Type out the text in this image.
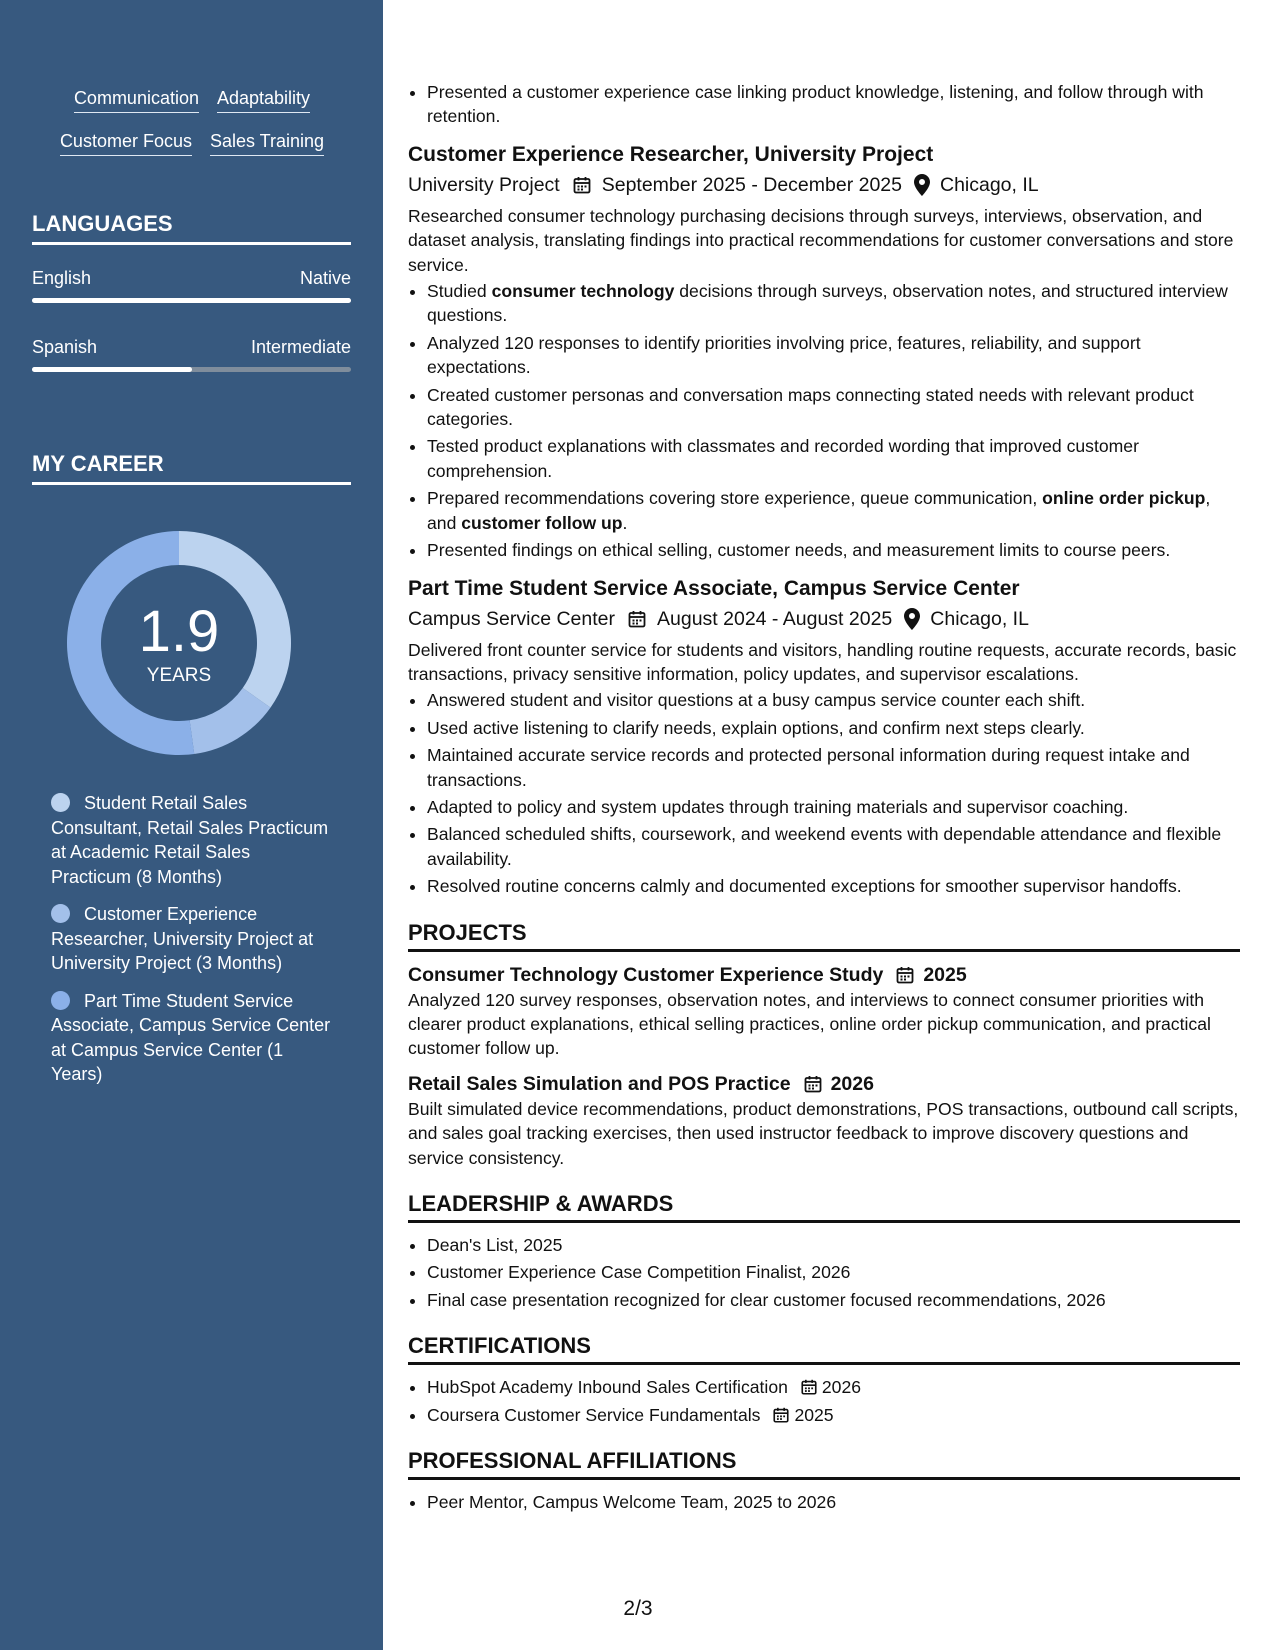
Communication Adaptability
Customer Focus Sales Training
LANGUAGES
English	Native
Spanish	Intermediate
MY CAREER
1.9
YEARS
Student Retail Sales Consultant, Retail Sales Practicum at Academic Retail Sales Practicum (8 Months)
Customer Experience Researcher, University Project at University Project (3 Months)
Part Time Student Service Associate, Campus Service Center at Campus Service Center (1 Years)
• Presented a customer experience case linking product knowledge, listening, and follow through with retention.
Customer Experience Researcher, University Project
University Project September 2025 - December 2025 Chicago, IL

Researched consumer technology purchasing decisions through surveys, interviews, observation, and dataset analysis, translating findings into practical recommendations for customer conversations and store service.

• Studied consumer technology decisions through surveys, observation notes, and structured interview questions.
• Analyzed 120 responses to identify priorities involving price, features, reliability, and support expectations.
• Created customer personas and conversation maps connecting stated needs with relevant product categories.
• Tested product explanations with classmates and recorded wording that improved customer comprehension.
• Prepared recommendations covering store experience, queue communication, online order pickup, and customer follow up.
• Presented findings on ethical selling, customer needs, and measurement limits to course peers.
Part Time Student Service Associate, Campus Service Center
Campus Service Center August 2024 - August 2025 Chicago, IL

Delivered front counter service for students and visitors, handling routine requests, accurate records, basic transactions, privacy sensitive information, policy updates, and supervisor escalations.

• Answered student and visitor questions at a busy campus service counter each shift.
• Used active listening to clarify needs, explain options, and confirm next steps clearly.
• Maintained accurate service records and protected personal information during request intake and transactions.
• Adapted to policy and system updates through training materials and supervisor coaching.
• Balanced scheduled shifts, coursework, and weekend events with dependable attendance and flexible availability.
• Resolved routine concerns calmly and documented exceptions for smoother supervisor handoffs.
PROJECTS
Consumer Technology Customer Experience Study 2025

Analyzed 120 survey responses, observation notes, and interviews to connect consumer priorities with clearer product explanations, ethical selling practices, online order pickup communication, and practical customer follow up.

Retail Sales Simulation and POS Practice 2026

Built simulated device recommendations, product demonstrations, POS transactions, outbound call scripts, and sales goal tracking exercises, then used instructor feedback to improve discovery questions and service consistency.

LEADERSHIP & AWARDS
• Dean's List, 2025
• Customer Experience Case Competition Finalist, 2026
• Final case presentation recognized for clear customer focused recommendations, 2026
CERTIFICATIONS
• HubSpot Academy Inbound Sales Certification 2026
• Coursera Customer Service Fundamentals 2025
PROFESSIONAL AFFILIATIONS
• Peer Mentor, Campus Welcome Team, 2025 to 2026
2/3
